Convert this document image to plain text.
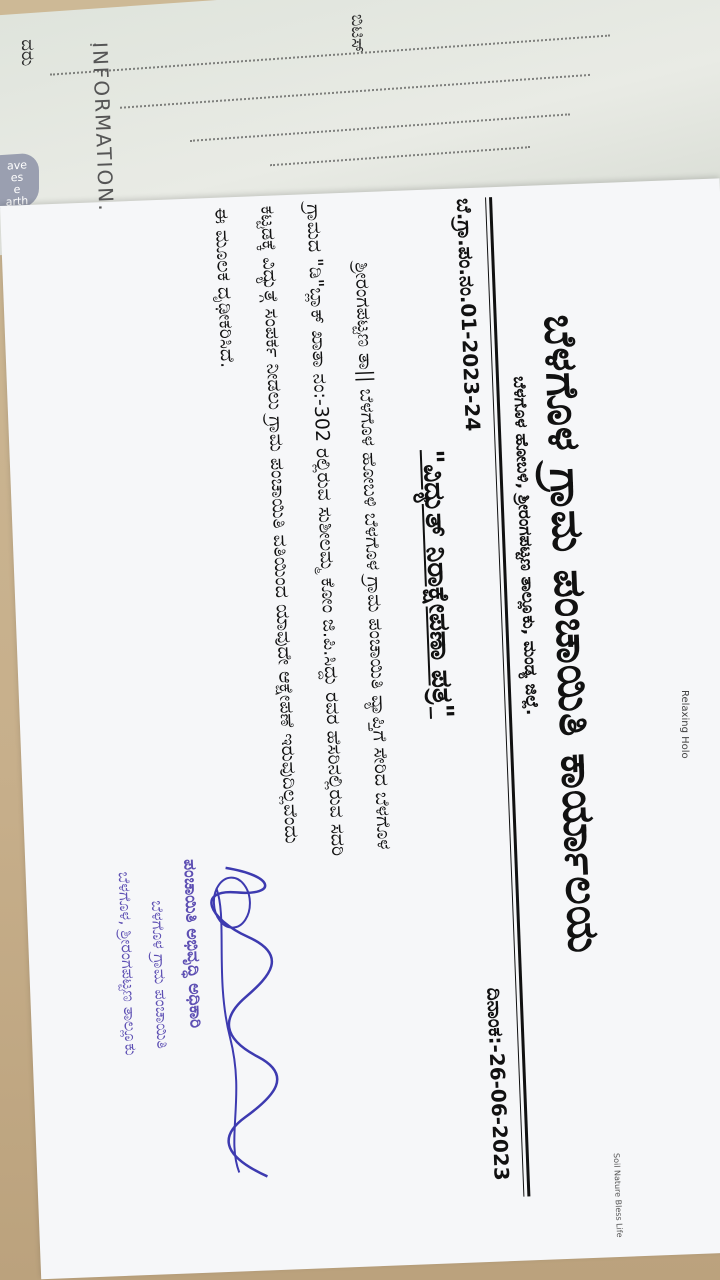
ದರು	ಬಿಟಿಸ್
ave
es
e
arth	INFORMATION.
Soil Nature Bless Life
ಬೆಳಗೊಳ ಗ್ರಾಮ ಪಂಚಾಯಿತಿ ಕಾರ್ಯಾಲಯ
ಬೆಳಗೊಳ ಹೋಬಳಿ, ಶ್ರೀರಂಗಪಟ್ಟಣ ತಾಲ್ಲೂಕು, ಮಂಡ್ಯ ಜಿಲ್ಲೆ.
ಬೆ.ಗ್ರಾ.ಪಂ.ನಂ.01-2023-24
ದಿನಾಂಕ:-26-06-2023
"ವಿದ್ಯುತ್ ನಿರಾಕ್ಷೇಪಣಾ ಪತ್ರ"
ಶ್ರೀರಂಗಪಟ್ಟಣ ತಾ|| ಬೆಳಗೊಳ ಹೋಬಳಿ ಬೆಳಗೊಳ ಗ್ರಾಮ ಪಂಚಾಯಿತಿ ವ್ಯಾಪ್ತಿಗೆ ಸೇರಿದ ಬೆಳಗೊಳ
ಗ್ರಾಮದ "ಡಿ"ಬ್ಲಾಕ್ ಖಾತಾ ನಂ:-302 ರಲ್ಲಿರುವ ಸುಶೀಲಮ್ಮ ಕೋಂ ಜಿ.ಪಿ.ಸಿದ್ದು ರವರ ಹೆಸರಿನಲ್ಲಿರುವ ಸದರಿ
ಕಟ್ಟಡಕ್ಕೆ ವಿದ್ಯುತ್ಗೆ ಸಂಪರ್ಕ ನೀಡಲು ಗ್ರಾಮ ಪಂಚಾಯಿತಿ ವತಿಯಿಂದ ಯಾವುದೇ ಆಕ್ಷೇಪಣೆ ಇರುವುದಿಲ್ಲವೆಂದು
ಈ ಮೂಲಕ ದೃಢೀಕರಿಸಿದೆ.
ಪಂಚಾಯಿತಿ ಅಭಿವೃದ್ಧಿ ಅಧಿಕಾರಿ
ಬೆಳಗೊಳ ಗ್ರಾಮ ಪಂಚಾಯಿತಿ
ಬೆಳಗೊಳ, ಶ್ರೀರಂಗಪಟ್ಟಣ ತಾಲ್ಲೂಕು
Relaxing Holo
